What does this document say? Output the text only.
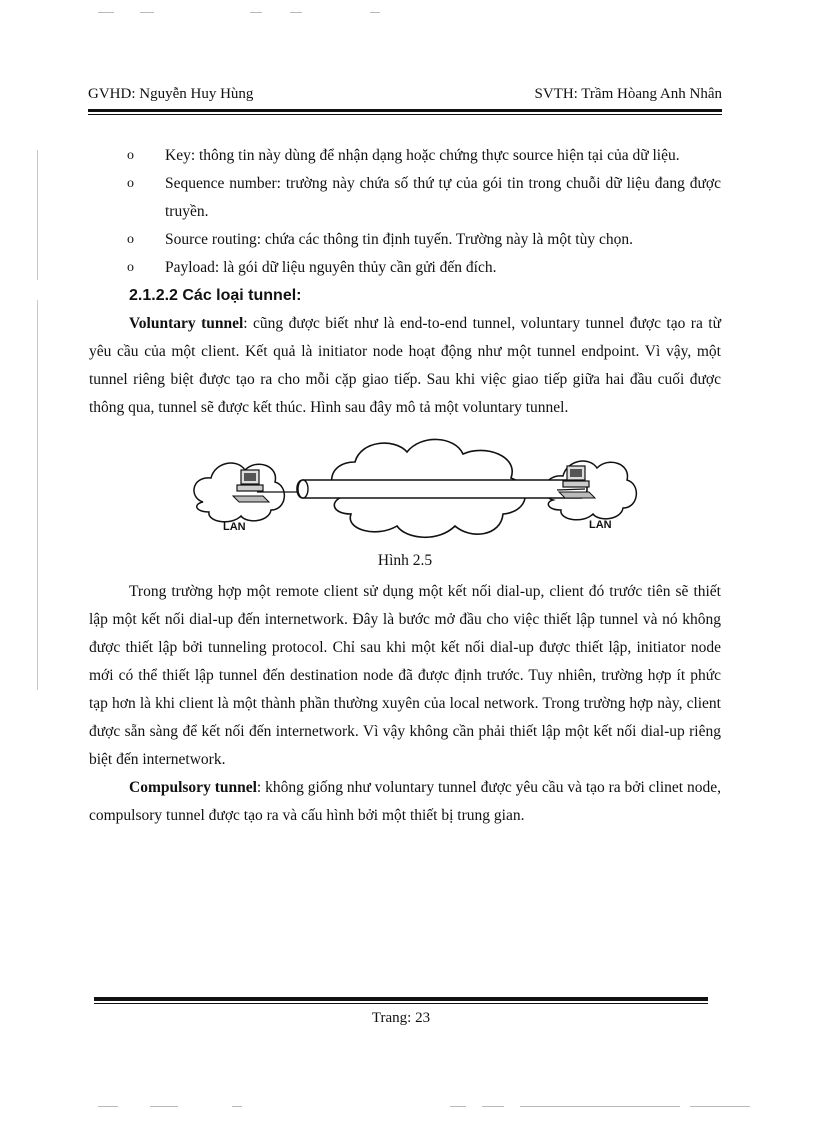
GVHD: Nguyễn Huy Hùng	SVTH: Trầm Hòang Anh Nhân
o Key: thông tin này dùng để nhận dạng hoặc chứng thực source hiện tại của dữ liệu.
o Sequence number: trường này chứa số thứ tự của gói tin trong chuỗi dữ liệu đang được truyền.
o Source routing: chứa các thông tin định tuyến. Trường này là một tùy chọn.
o Payload: là gói dữ liệu nguyên thủy cần gửi đến đích.
2.1.2.2 Các loại tunnel:

Voluntary tunnel: cũng được biết như là end-to-end tunnel, voluntary tunnel được tạo ra từ yêu cầu của một client. Kết quả là initiator node hoạt động như một tunnel endpoint. Vì vậy, một tunnel riêng biệt được tạo ra cho mỗi cặp giao tiếp. Sau khi việc giao tiếp giữa hai đầu cuối được thông qua, tunnel sẽ được kết thúc. Hình sau đây mô tả một voluntary tunnel.

LAN	LAN
Hình 2.5

Trong trường hợp một remote client sử dụng một kết nối dial-up, client đó trước tiên sẽ thiết lập một kết nối dial-up đến internetwork. Đây là bước mở đầu cho việc thiết lập tunnel và nó không được thiết lập bởi tunneling protocol. Chỉ sau khi một kết nối dial-up được thiết lập, initiator node mới có thể thiết lập tunnel đến destination node đã được định trước. Tuy nhiên, trường hợp ít phức tạp hơn là khi client là một thành phần thường xuyên của local network. Trong trường hợp này, client được sẵn sàng để kết nối đến internetwork. Vì vậy không cần phải thiết lập một kết nối dial-up riêng biệt đến internetwork.

Compulsory tunnel: không giống như voluntary tunnel được yêu cầu và tạo ra bởi clinet node, compulsory tunnel được tạo ra và cấu hình bởi một thiết bị trung gian.

Trang: 23
